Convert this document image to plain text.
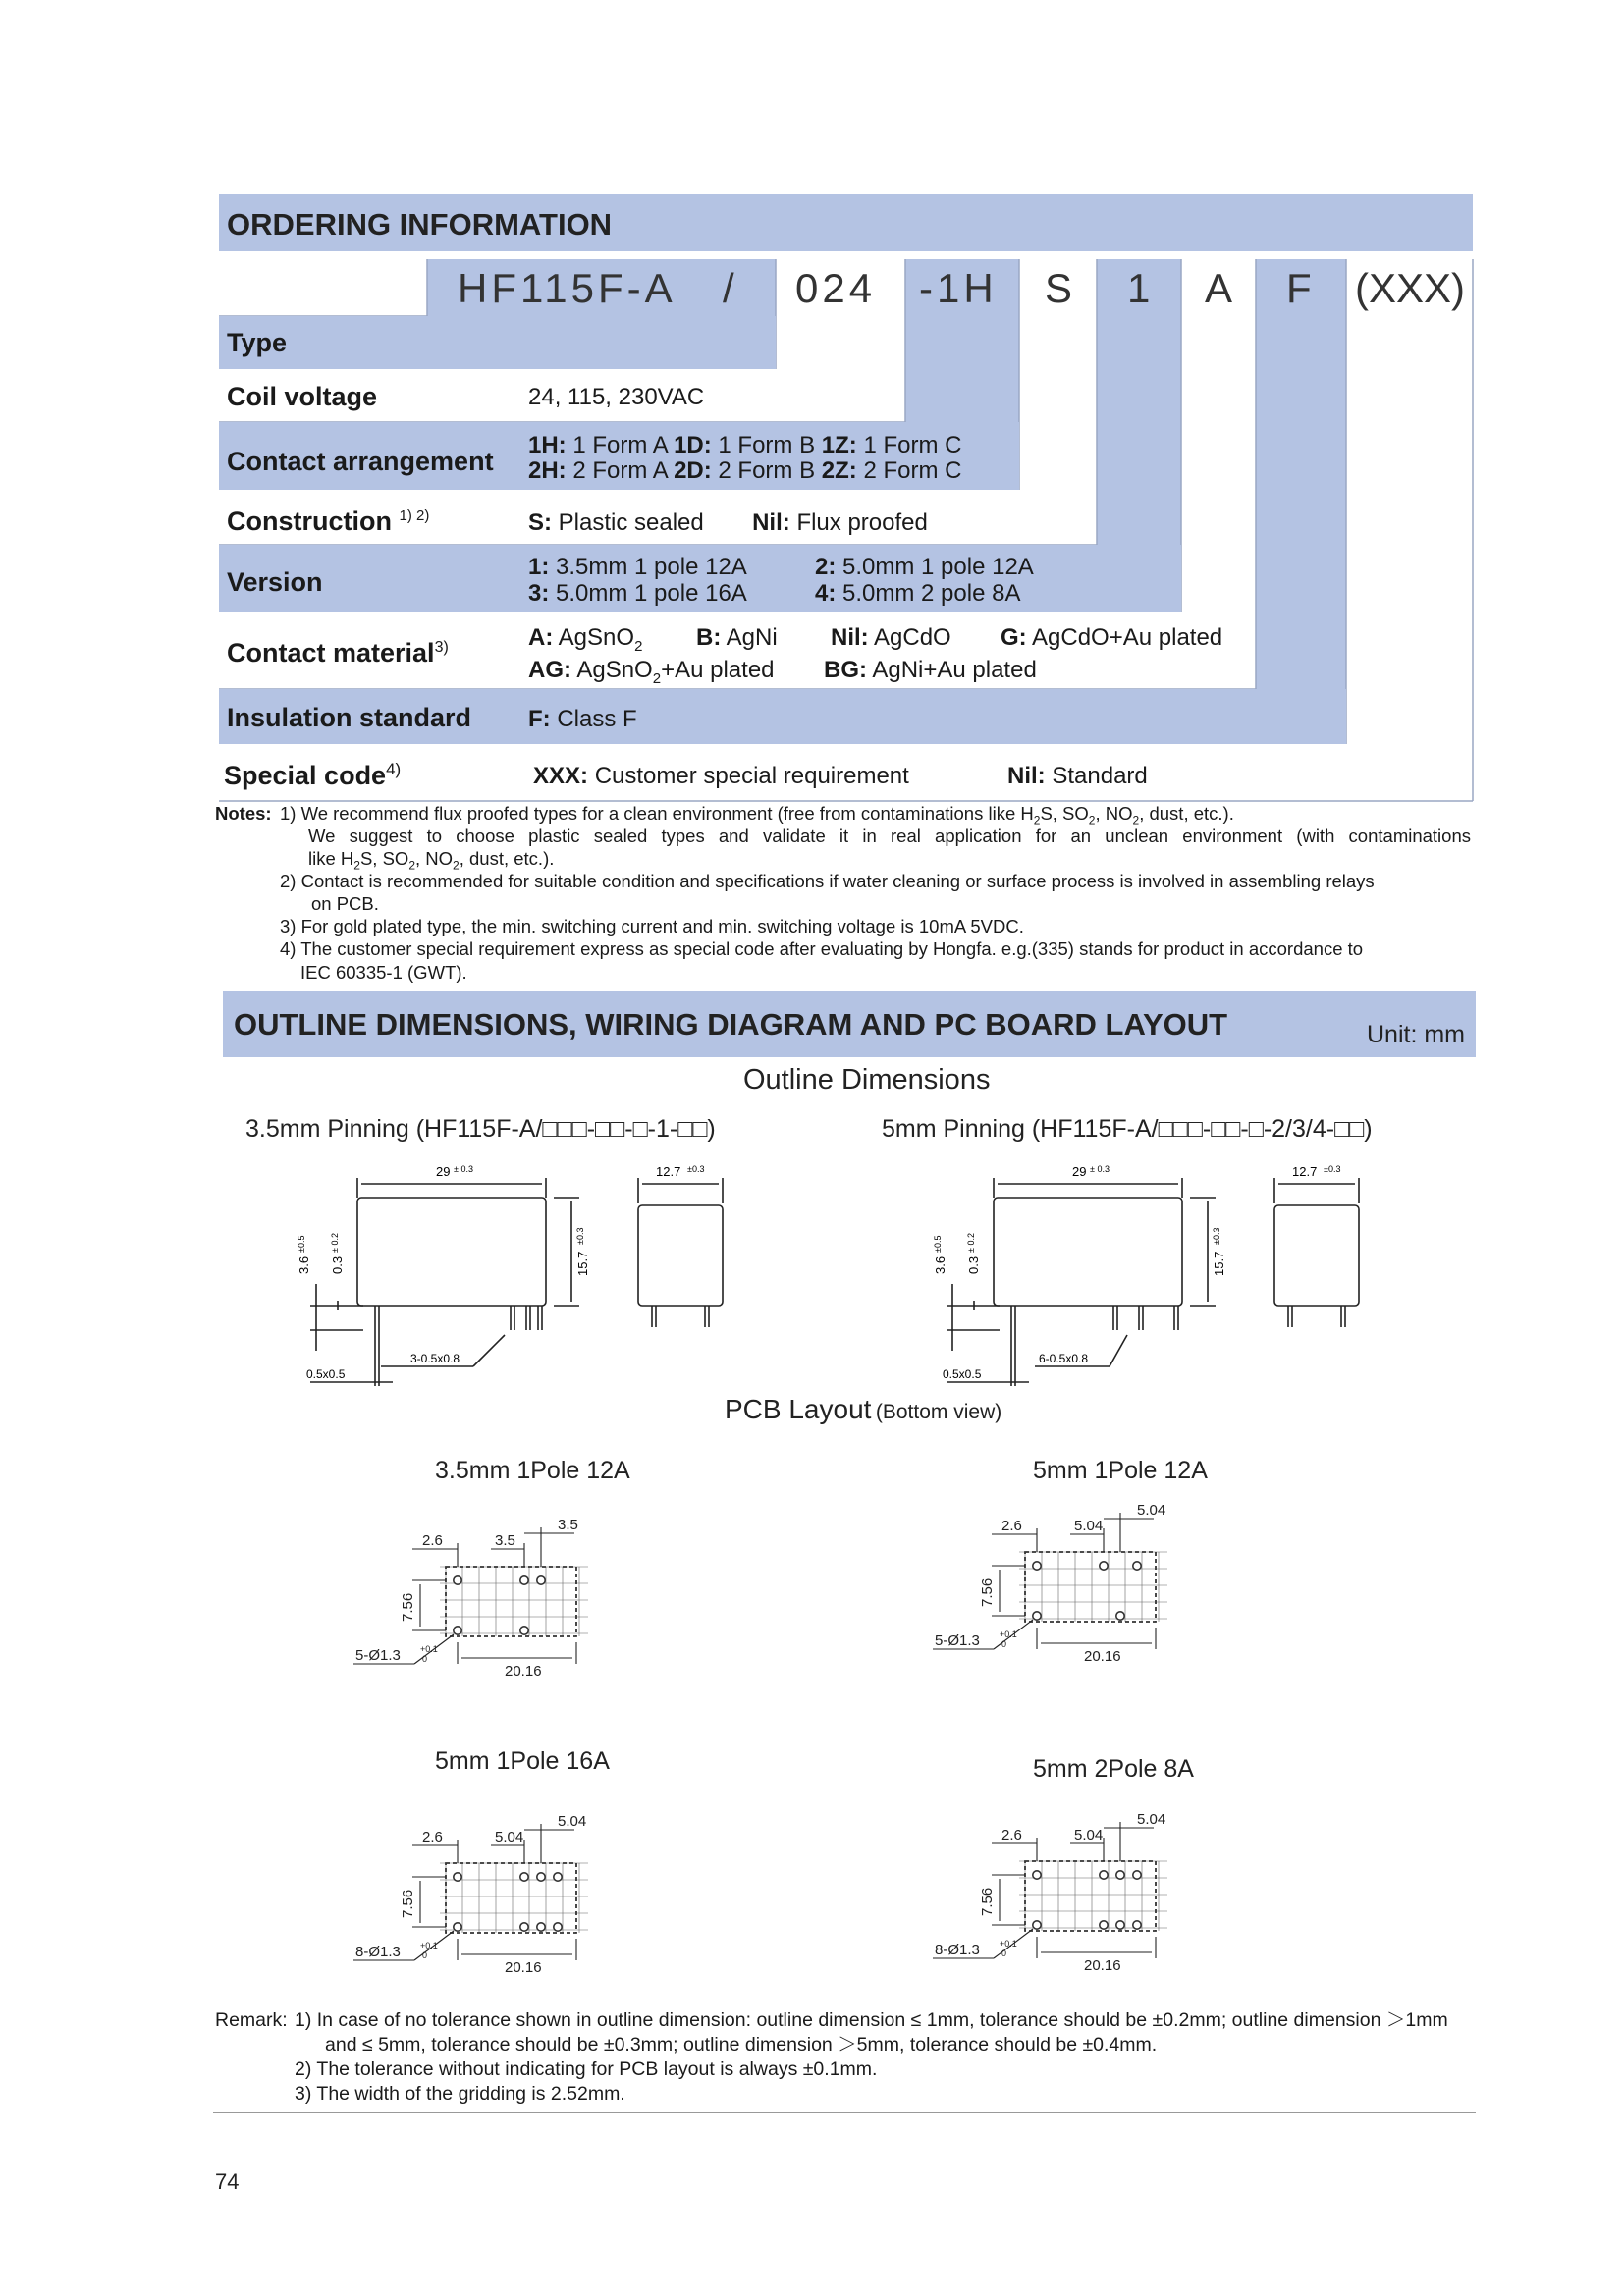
ORDERING INFORMATION
HF115F-A / 024 -1H S 1 A F (XXX)
Type
Coil voltage	24, 115, 230VAC
Contact arrangement
1H: 1 Form A 1D: 1 Form B 1Z: 1 Form C
2H: 2 Form A 2D: 2 Form B 2Z: 2 Form C
Construction $^{1) 2)}$	S: Plastic sealed Nil: Flux proofed
Version
1: 3.5mm 1 pole 12A	2: 5.0mm 1 pole 12A
3: 5.0mm 1 pole 16A	4: 5.0mm 2 pole 8A
Contact material$^{3)}$	A: AgSnO$_2$ B: AgNi Nil: AgCdO G: AgCdO+Au plated
AG: AgSnO$_2$+Au plated BG: AgNi+Au plated
Insulation standard F: Class F
Special code$^{4)}$	XXX: Customer special requirement	Nil: Standard
Notes: 1) We recommend flux proofed types for a clean environment (free from contaminations like $H_2S$, $SO_2$, $NO_2$, dust, etc.).
We suggest to choose plastic sealed types and validate it in real application for an unclean environment (with contaminations
like $H_2S$, $SO_2$, $NO_2$, dust, etc.).
2) Contact is recommended for suitable condition and specifications if water cleaning or surface process is involved in assembling relays
on PCB.
3) For gold plated type, the min. switching current and min. switching voltage is 10mA 5VDC.
4) The customer special requirement express as special code after evaluating by Hongfa. e.g.(335) stands for product in accordance to
IEC 60335-1 (GWT).
OUTLINE DIMENSIONS, WIRING DIAGRAM AND PC BOARD LAYOUT	Unit: mm
Outline Dimensions
3.5mm Pinning (HF115F-A/□□□-□□-□-1-□□)	5mm Pinning (HF115F-A/□□□-□□-□-2/3/4-□□)
29 ± 0.3	12.7 ±0.3
15.7
±0.3
3.6
±0.5
0.3
± 0.2
0.5x0.5
3-0.5x0.8
29 ± 0.3	12.7 ±0.3
15.7
±0.3
3.6
±0.5
0.3
± 0.2
0.5x0.5
6-0.5x0.8
PCB Layout (Bottom view)
3.5mm 1Pole 12A	5mm 1Pole 12A
5mm 1Pole 16A	5mm 2Pole 8A
2.6	3.5
3.5
7.56
20.16
5-Ø1.3 +0.1
0
2.6	5.04
5.04
7.56
20.16
5-Ø1.3 +0.1
0
2.6	5.04
5.04
7.56
20.16
8-Ø1.3 +0.1
0
2.6	5.04
5.04
7.56
20.16
8-Ø1.3 +0.1
0
Remark: 1) In case of no tolerance shown in outline dimension: outline dimension ≤ 1mm, tolerance should be ±0.2mm; outline dimension ＞1mm
and ≤ 5mm, tolerance should be ±0.3mm; outline dimension ＞5mm, tolerance should be ±0.4mm.
2) The tolerance without indicating for PCB layout is always ±0.1mm.
3) The width of the gridding is 2.52mm.
74
